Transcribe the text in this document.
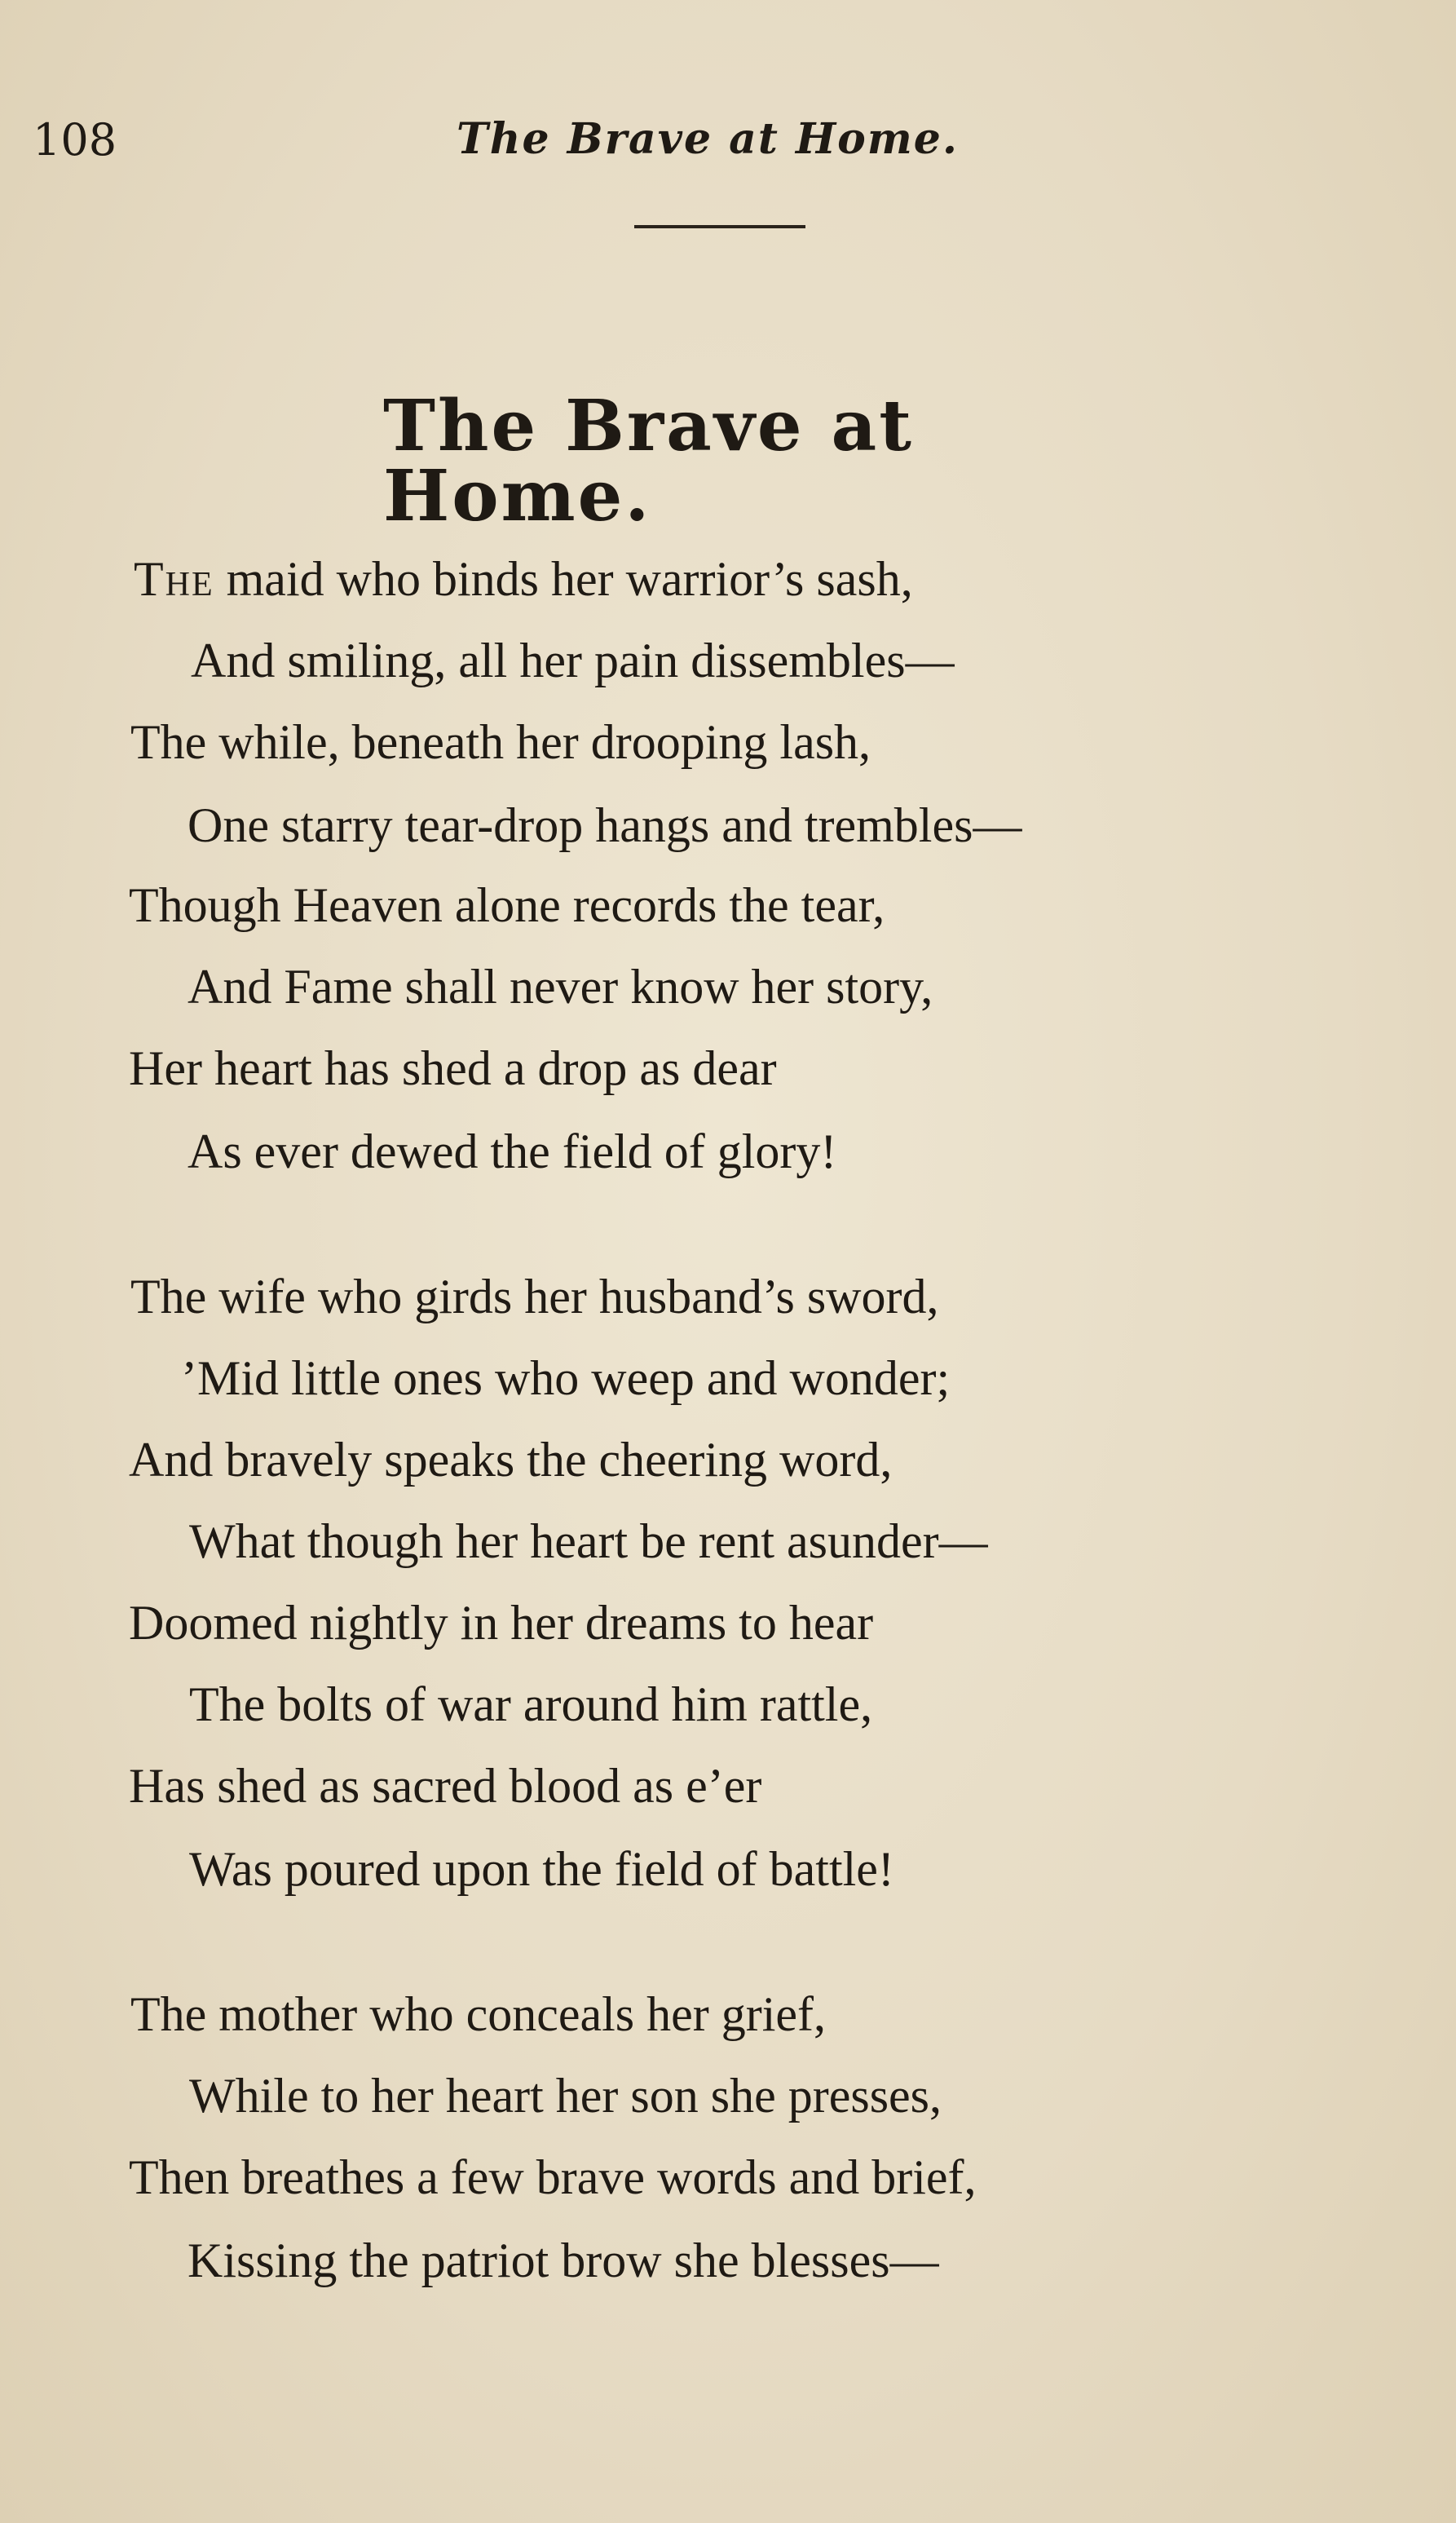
108	The Brave at Home.
The Brave at Home.
The maid who binds her warrior’s sash,
And smiling, all her pain dissembles—
The while, beneath her drooping lash,
One starry tear-drop hangs and trembles—
Though Heaven alone records the tear,
And Fame shall never know her story,
Her heart has shed a drop as dear
As ever dewed the field of glory!
The wife who girds her husband’s sword,
’Mid little ones who weep and wonder;
And bravely speaks the cheering word,
What though her heart be rent asunder—
Doomed nightly in her dreams to hear
The bolts of war around him rattle,
Has shed as sacred blood as e’er
Was poured upon the field of battle!
The mother who conceals her grief,
While to her heart her son she presses,
Then breathes a few brave words and brief,
Kissing the patriot brow she blesses—
